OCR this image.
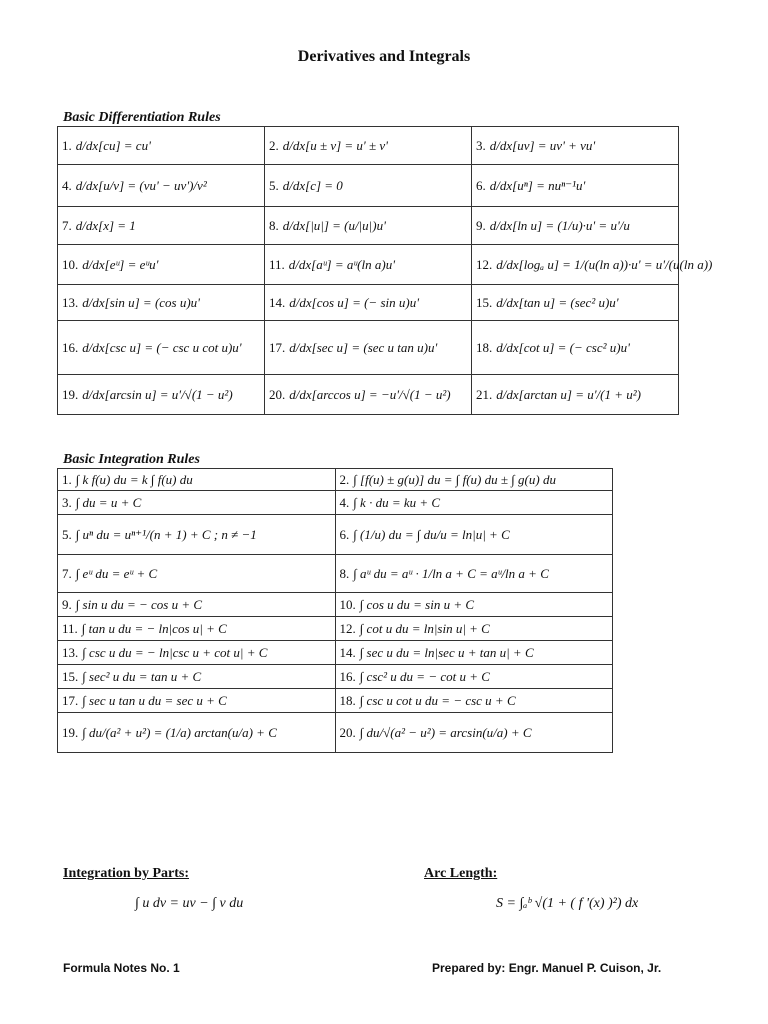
Derivatives and Integrals
Basic Differentiation Rules
1. d/dx[cu] = cu'	2. d/dx[u ± v] = u' ± v'	3. d/dx[uv] = uv' + vu'
4. d/dx[u/v] = (vu' − uv')/v²	5. d/dx[c] = 0	6. d/dx[uⁿ] = nuⁿ⁻¹u'
7. d/dx[x] = 1	8. d/dx[|u|] = (u/|u|)u'	9. d/dx[ln u] = (1/u)·u' = u'/u
10. d/dx[eᵘ] = eᵘu'	11. d/dx[aᵘ] = aᵘ(ln a)u'	12. d/dx[logₐ u] = 1/(u(ln a))·u' = u'/(u(ln a))
13. d/dx[sin u] = (cos u)u'	14. d/dx[cos u] = (− sin u)u'	15. d/dx[tan u] = (sec² u)u'
16. d/dx[csc u] = (− csc u cot u)u'	17. d/dx[sec u] = (sec u tan u)u'	18. d/dx[cot u] = (− csc² u)u'
19. d/dx[arcsin u] = u'/√(1 − u²)	20. d/dx[arccos u] = −u'/√(1 − u²)	21. d/dx[arctan u] = u'/(1 + u²)
Basic Integration Rules
1. ∫ k f(u) du = k ∫ f(u) du	2. ∫ [f(u) ± g(u)] du = ∫ f(u) du ± ∫ g(u) du
3. ∫ du = u + C	4. ∫ k · du = ku + C
5. ∫ uⁿ du = uⁿ⁺¹/(n + 1) + C ; n ≠ −1	6. ∫ (1/u) du = ∫ du/u = ln|u| + C
7. ∫ eᵘ du = eᵘ + C	8. ∫ aᵘ du = aᵘ · 1/ln a + C = aᵘ/ln a + C
9. ∫ sin u du = − cos u + C	10. ∫ cos u du = sin u + C
11. ∫ tan u du = − ln|cos u| + C	12. ∫ cot u du = ln|sin u| + C
13. ∫ csc u du = − ln|csc u + cot u| + C	14. ∫ sec u du = ln|sec u + tan u| + C
15. ∫ sec² u du = tan u + C	16. ∫ csc² u du = − cot u + C
17. ∫ sec u tan u du = sec u + C	18. ∫ csc u cot u du = − csc u + C
19. ∫ du/(a² + u²) = (1/a) arctan(u/a) + C	20. ∫ du/√(a² − u²) = arcsin(u/a) + C
Integration by Parts:
∫ u dv = uv − ∫ v du
Arc Length:
S = ∫ₐᵇ √(1 + ( f '(x) )²) dx
Formula Notes No. 1	Prepared by: Engr. Manuel P. Cuison, Jr.
